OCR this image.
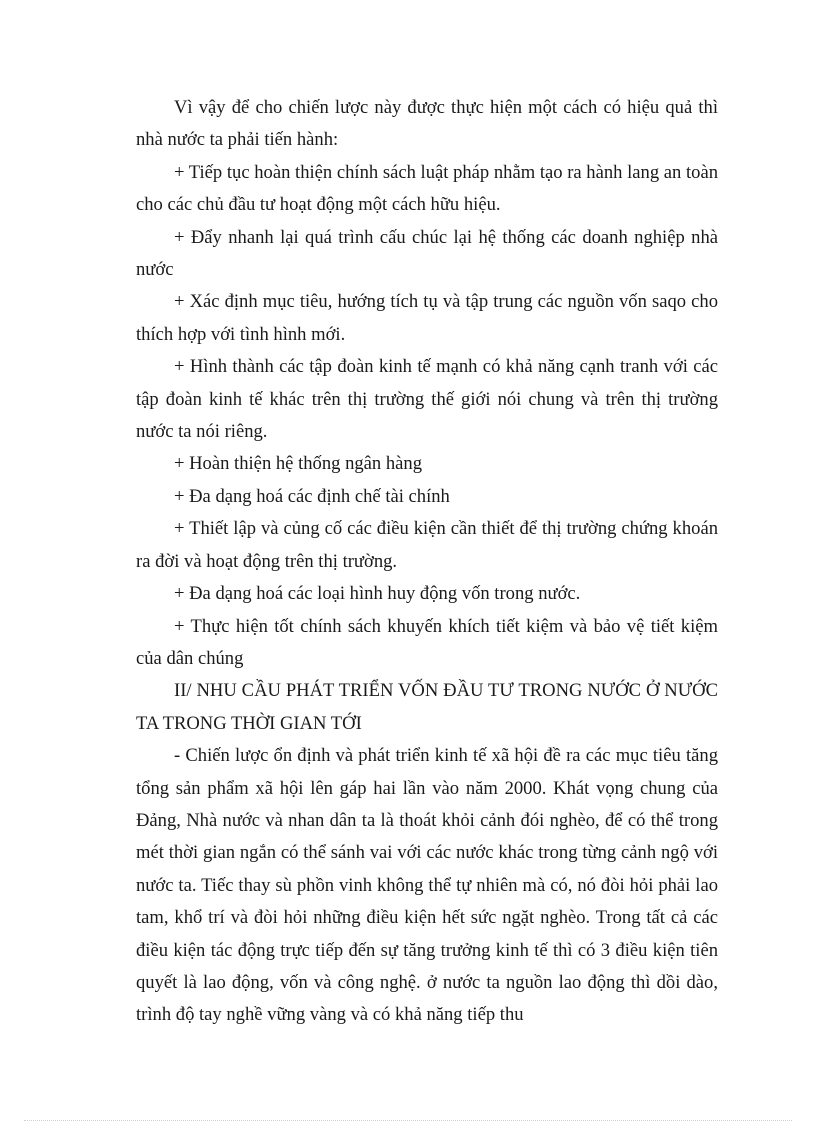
Vì vậy để cho chiến lược này được thực hiện một cách có hiệu quả thì nhà nước ta phải tiến hành:

+ Tiếp tục hoàn thiện chính sách luật pháp nhằm tạo ra hành lang an toàn cho các chủ đầu tư hoạt động một cách hữu hiệu.

+ Đẩy nhanh lại quá trình cấu chúc lại hệ thống các doanh nghiệp nhà nước

+ Xác định mục tiêu, hướng tích tụ và tập trung các nguồn vốn saqo cho thích hợp với tình hình mới.

+ Hình thành các tập đoàn kinh tế mạnh có khả năng cạnh tranh với các tập đoàn kinh tế khác trên thị trường thế giới nói chung và trên thị trường nước ta nói riêng.

+ Hoàn thiện hệ thống ngân hàng

+ Đa dạng hoá các định chế tài chính

+ Thiết lập và củng cố các điều kiện cần thiết để thị trường chứng khoán ra đời và hoạt động trên thị trường.

+ Đa dạng hoá các loại hình huy động vốn trong nước.

+ Thực hiện tốt chính sách khuyến khích tiết kiệm và bảo vệ tiết kiệm của dân chúng

II/ NHU CẦU PHÁT TRIỂN VỐN ĐẦU TƯ TRONG NƯỚC Ở NƯỚC TA TRONG THỜI GIAN TỚI

- Chiến lược ổn định và phát triển kinh tế xã hội đề ra các mục tiêu tăng tổng sản phẩm xã hội lên gáp hai lần vào năm 2000. Khát vọng chung của Đảng, Nhà nước và nhan dân ta là thoát khỏi cảnh đói nghèo, để có thể trong mét thời gian ngắn có thể sánh vai với các nước khác trong từng cảnh ngộ với nước ta. Tiếc thay sù phồn vinh không thể tự nhiên mà có, nó đòi hỏi phải lao tam, khổ trí và đòi hỏi những điều kiện hết sức ngặt nghèo. Trong tất cả các điều kiện tác động trực tiếp đến sự tăng trưởng kinh tế thì có 3 điều kiện tiên quyết là lao động, vốn và công nghệ. ở nước ta nguồn lao động thì dồi dào, trình độ tay nghề vững vàng và có khả năng tiếp thu
